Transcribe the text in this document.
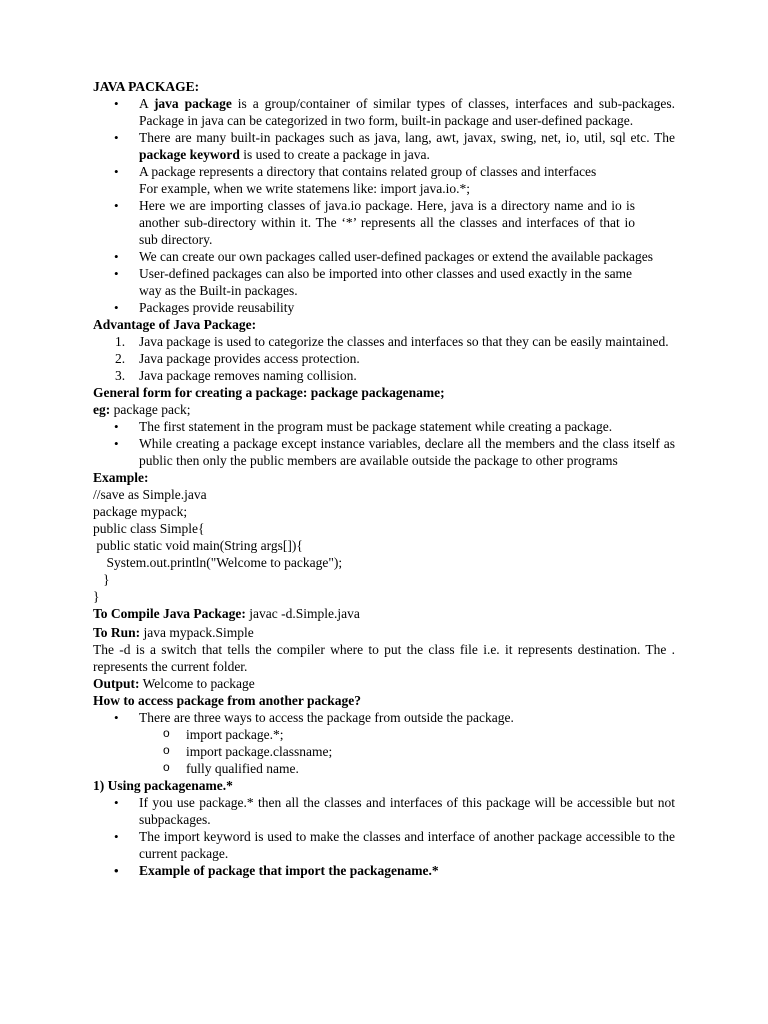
JAVA PACKAGE:
• A java package is a group/container of similar types of classes, interfaces and sub-packages. Package in java can be categorized in two form, built-in package and user-defined package.
• There are many built-in packages such as java, lang, awt, javax, swing, net, io, util, sql etc. The package keyword is used to create a package in java.
• A package represents a directory that contains related group of classes and interfaces For example, when we write statemens like: import java.io.*;
• Here we are importing classes of java.io package. Here, java is a directory name and io is another sub-directory within it. The ‘*’ represents all the classes and interfaces of that io sub directory.
• We can create our own packages called user-defined packages or extend the available packages
• User-defined packages can also be imported into other classes and used exactly in the same way as the Built-in packages.
• Packages provide reusability
Advantage of Java Package:
1. Java package is used to categorize the classes and interfaces so that they can be easily maintained.
2. Java package provides access protection.
3. Java package removes naming collision.
General form for creating a package: package packagename;
eg: package pack;
• The first statement in the program must be package statement while creating a package.
• While creating a package except instance variables, declare all the members and the class itself as public then only the public members are available outside the package to other programs
Example:
//save as Simple.java
package mypack;
public class Simple{
public static void main(String args[]){
System.out.println("Welcome to package");
}
}
To Compile Java Package: javac -d.Simple.java
To Run: java mypack.Simple
The -d is a switch that tells the compiler where to put the class file i.e. it represents destination. The . represents the current folder.
Output: Welcome to package
How to access package from another package?
• There are three ways to access the package from outside the package.
o import package.*;
o import package.classname;
o fully qualified name.
1) Using packagename.*
• If you use package.* then all the classes and interfaces of this package will be accessible but not subpackages.
• The import keyword is used to make the classes and interface of another package accessible to the current package.
• Example of package that import the packagename.*
